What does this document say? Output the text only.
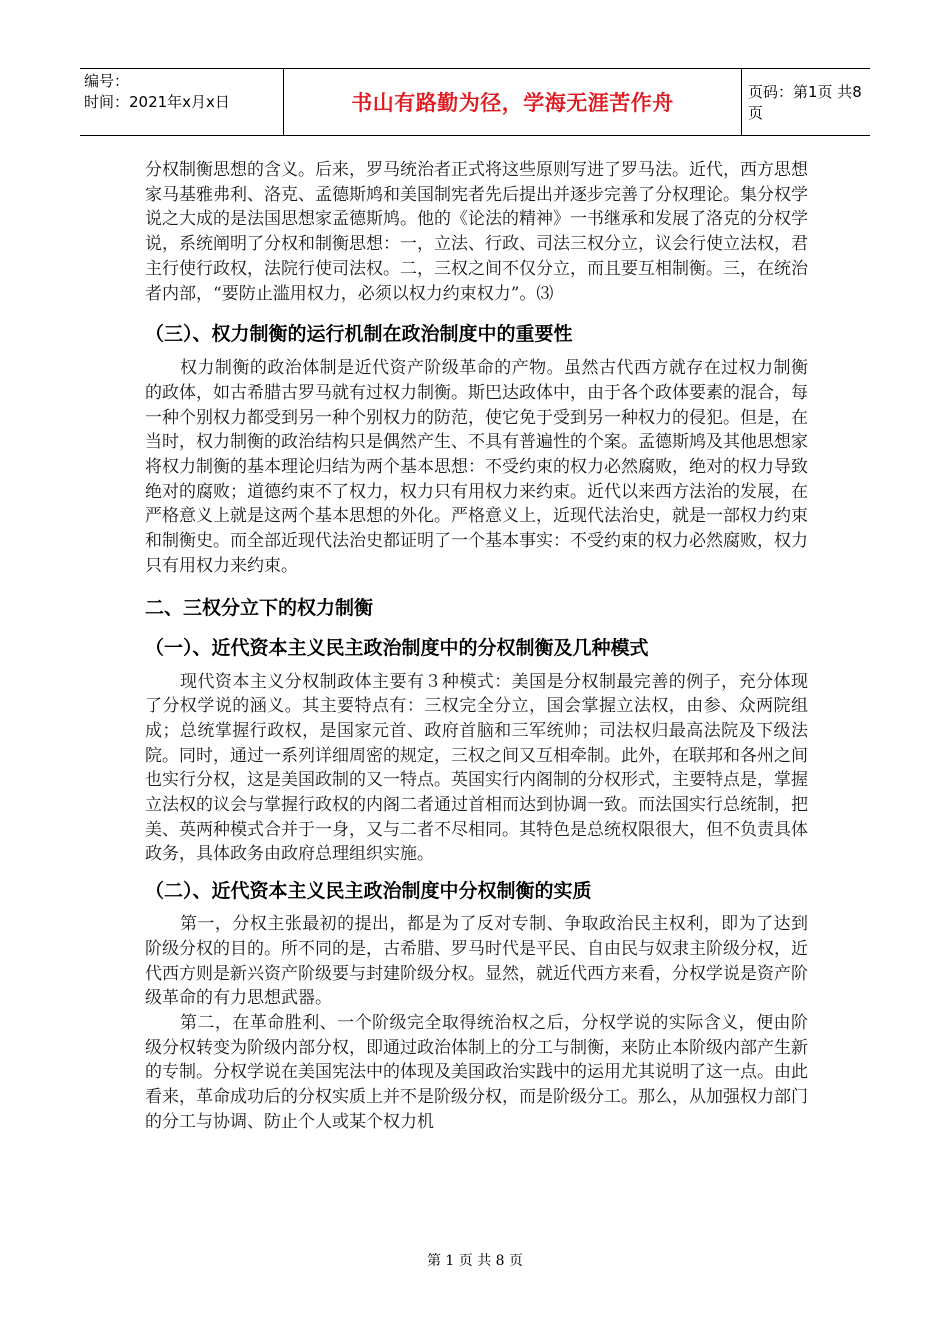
编号：
时间：2021年x月x日	书山有路勤为径，学海无涯苦作舟	页码：第1页 共8页

分权制衡思想的含义。后来，罗马统治者正式将这些原则写进了罗马法。近代，西方思想家马基雅弗利、洛克、孟德斯鸠和美国制宪者先后提出并逐步完善了分权理论。集分权学说之大成的是法国思想家孟德斯鸠。他的《论法的精神》一书继承和发展了洛克的分权学说，系统阐明了分权和制衡思想：一，立法、行政、司法三权分立，议会行使立法权，君主行使行政权，法院行使司法权。二，三权之间不仅分立，而且要互相制衡。三，在统治者内部，“要防止滥用权力，必须以权力约束权力”。⑶

（三）、权力制衡的运行机制在政治制度中的重要性

权力制衡的政治体制是近代资产阶级革命的产物。虽然古代西方就存在过权力制衡的政体，如古希腊古罗马就有过权力制衡。斯巴达政体中，由于各个政体要素的混合，每一种个别权力都受到另一种个别权力的防范，使它免于受到另一种权力的侵犯。但是，在当时，权力制衡的政治结构只是偶然产生、不具有普遍性的个案。孟德斯鸠及其他思想家将权力制衡的基本理论归结为两个基本思想：不受约束的权力必然腐败，绝对的权力导致绝对的腐败；道德约束不了权力，权力只有用权力来约束。近代以来西方法治的发展，在严格意义上就是这两个基本思想的外化。严格意义上，近现代法治史，就是一部权力约束和制衡史。而全部近现代法治史都证明了一个基本事实：不受约束的权力必然腐败，权力只有用权力来约束。

二、三权分立下的权力制衡
（一）、近代资本主义民主政治制度中的分权制衡及几种模式

现代资本主义分权制政体主要有３种模式：美国是分权制最完善的例子，充分体现了分权学说的涵义。其主要特点有：三权完全分立，国会掌握立法权，由参、众两院组成；总统掌握行政权，是国家元首、政府首脑和三军统帅；司法权归最高法院及下级法院。同时，通过一系列详细周密的规定，三权之间又互相牵制。此外，在联邦和各州之间也实行分权，这是美国政制的又一特点。英国实行内阁制的分权形式，主要特点是，掌握立法权的议会与掌握行政权的内阁二者通过首相而达到协调一致。而法国实行总统制，把美、英两种模式合并于一身，又与二者不尽相同。其特色是总统权限很大，但不负责具体政务，具体政务由政府总理组织实施。

（二）、近代资本主义民主政治制度中分权制衡的实质

第一，分权主张最初的提出，都是为了反对专制、争取政治民主权利，即为了达到阶级分权的目的。所不同的是，古希腊、罗马时代是平民、自由民与奴隶主阶级分权，近代西方则是新兴资产阶级要与封建阶级分权。显然，就近代西方来看，分权学说是资产阶级革命的有力思想武器。

第二，在革命胜利、一个阶级完全取得统治权之后，分权学说的实际含义，便由阶级分权转变为阶级内部分权，即通过政治体制上的分工与制衡，来防止本阶级内部产生新的专制。分权学说在美国宪法中的体现及美国政治实践中的运用尤其说明了这一点。由此看来，革命成功后的分权实质上并不是阶级分权，而是阶级分工。那么，从加强权力部门的分工与协调、防止个人或某个权力机

第 1 页 共 8 页
